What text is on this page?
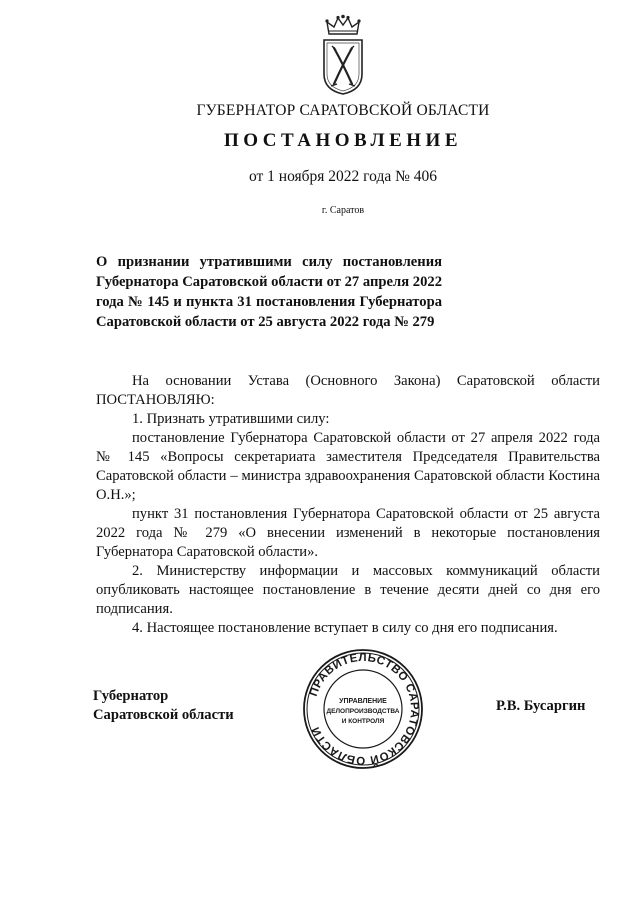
ГУБЕРНАТОР САРАТОВСКОЙ ОБЛАСТИ
ПОСТАНОВЛЕНИЕ
от 1 ноября 2022 года № 406
г. Саратов
О признании утратившими силу постановления Губернатора Саратовской области от 27 апреля 2022 года № 145 и пункта 31 постановления Губернатора Саратовской области от 25 августа 2022 года № 279

На основании Устава (Основного Закона) Саратовской области

ПОСТАНОВЛЯЮ:

1. Признать утратившими силу:

постановление Губернатора Саратовской области от 27 апреля 2022 года № 145 «Вопросы секретариата заместителя Председателя Правительства Саратовской области – министра здравоохранения Саратовской области Костина О.Н.»;

пункт 31 постановления Губернатора Саратовской области от 25 августа 2022 года № 279 «О внесении изменений в некоторые постановления Губернатора Саратовской области».

2. Министерству информации и массовых коммуникаций области опубликовать настоящее постановление в течение десяти дней со дня его подписания.

4. Настоящее постановление вступает в силу со дня его подписания.

Губернатор
Саратовской области
ПРАВИТЕЛЬСТВО САРАТОВСКОЙ ОБЛАСТИ
УПРАВЛЕНИЕ
ДЕЛОПРОИЗВОДСТВА
И КОНТРОЛЯ
Р.В. Бусаргин
